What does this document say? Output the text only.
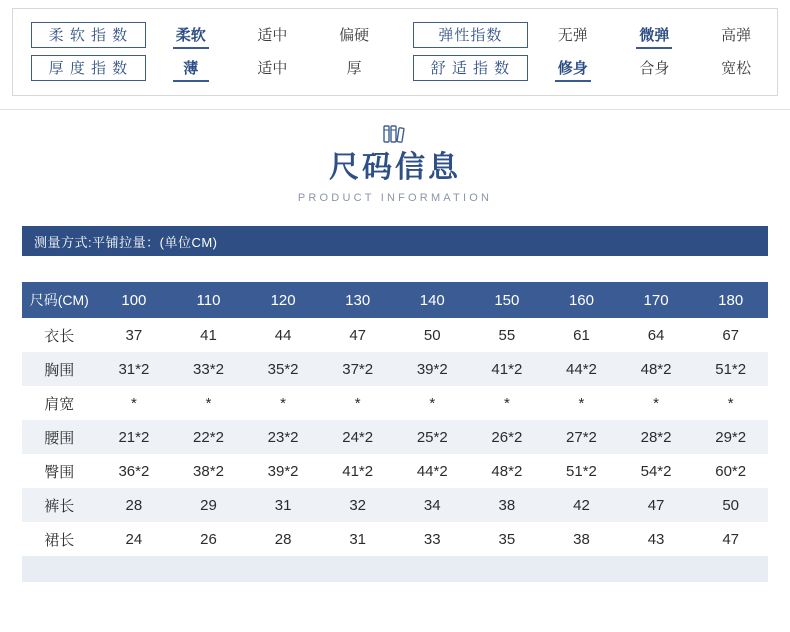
柔 软 指 数	柔软	适中	偏硬	弹性指数	无弹	微弹	高弹
厚 度 指 数	薄	适中	厚	舒 适 指 数	修身	合身	宽松
尺码信息
PRODUCT INFORMATION
测量方式:平铺拉量：(单位CM)
尺码(CM)	100	110	120	130	140	150	160	170	180
衣长	37	41	44	47	50	55	61	64	67
胸围	31*2	33*2	35*2	37*2	39*2	41*2	44*2	48*2	51*2
肩宽	*	*	*	*	*	*	*	*	*
腰围	21*2	22*2	23*2	24*2	25*2	26*2	27*2	28*2	29*2
臀围	36*2	38*2	39*2	41*2	44*2	48*2	51*2	54*2	60*2
裤长	28	29	31	32	34	38	42	47	50
裙长	24	26	28	31	33	35	38	43	47
